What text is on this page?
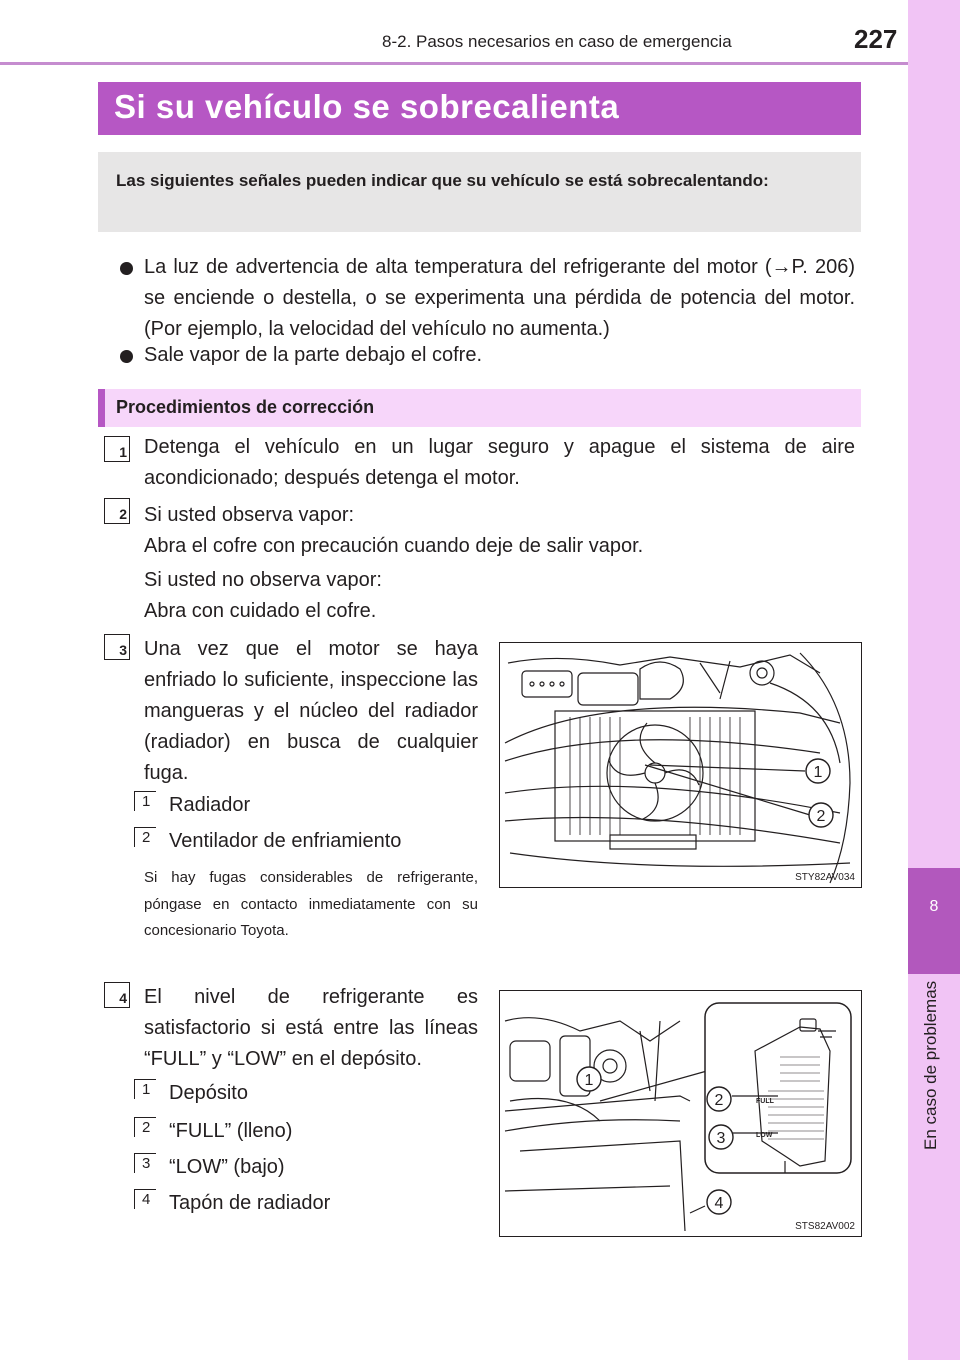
8-2. Pasos necesarios en caso de emergencia	227
8
En caso de problemas
Si su vehículo se sobrecalienta
Las siguientes señales pueden indicar que su vehículo se está sobrecalentando:
La luz de advertencia de alta temperatura del refrigerante del motor (→P. 206) se enciende o destella, o se experimenta una pérdida de potencia del motor. (Por ejemplo, la velocidad del vehículo no aumenta.)
Sale vapor de la parte debajo el cofre.
Procedimientos de corrección
1 Detenga el vehículo en un lugar seguro y apague el sistema de aire acondicionado; después detenga el motor.
2 Si usted observa vapor:
Abra el cofre con precaución cuando deje de salir vapor.
Si usted no observa vapor:
Abra con cuidado el cofre.
3 Una vez que el motor se haya enfriado lo suficiente, inspeccione las mangueras y el núcleo del radiador (radiador) en busca de cualquier fuga.
1 Radiador
2 Ventilador de enfriamiento
Si hay fugas considerables de refrigerante, póngase en contacto inmediatamente con su concesionario Toyota.
1
2
STY82AV034
4 El nivel de refrigerante es satisfactorio si está entre las líneas “FULL” y “LOW” en el depósito.
1 Depósito
2 “FULL” (lleno)
3 “LOW” (bajo)
4 Tapón de radiador
FULL
LOW
1
2
3
4
STS82AV002
